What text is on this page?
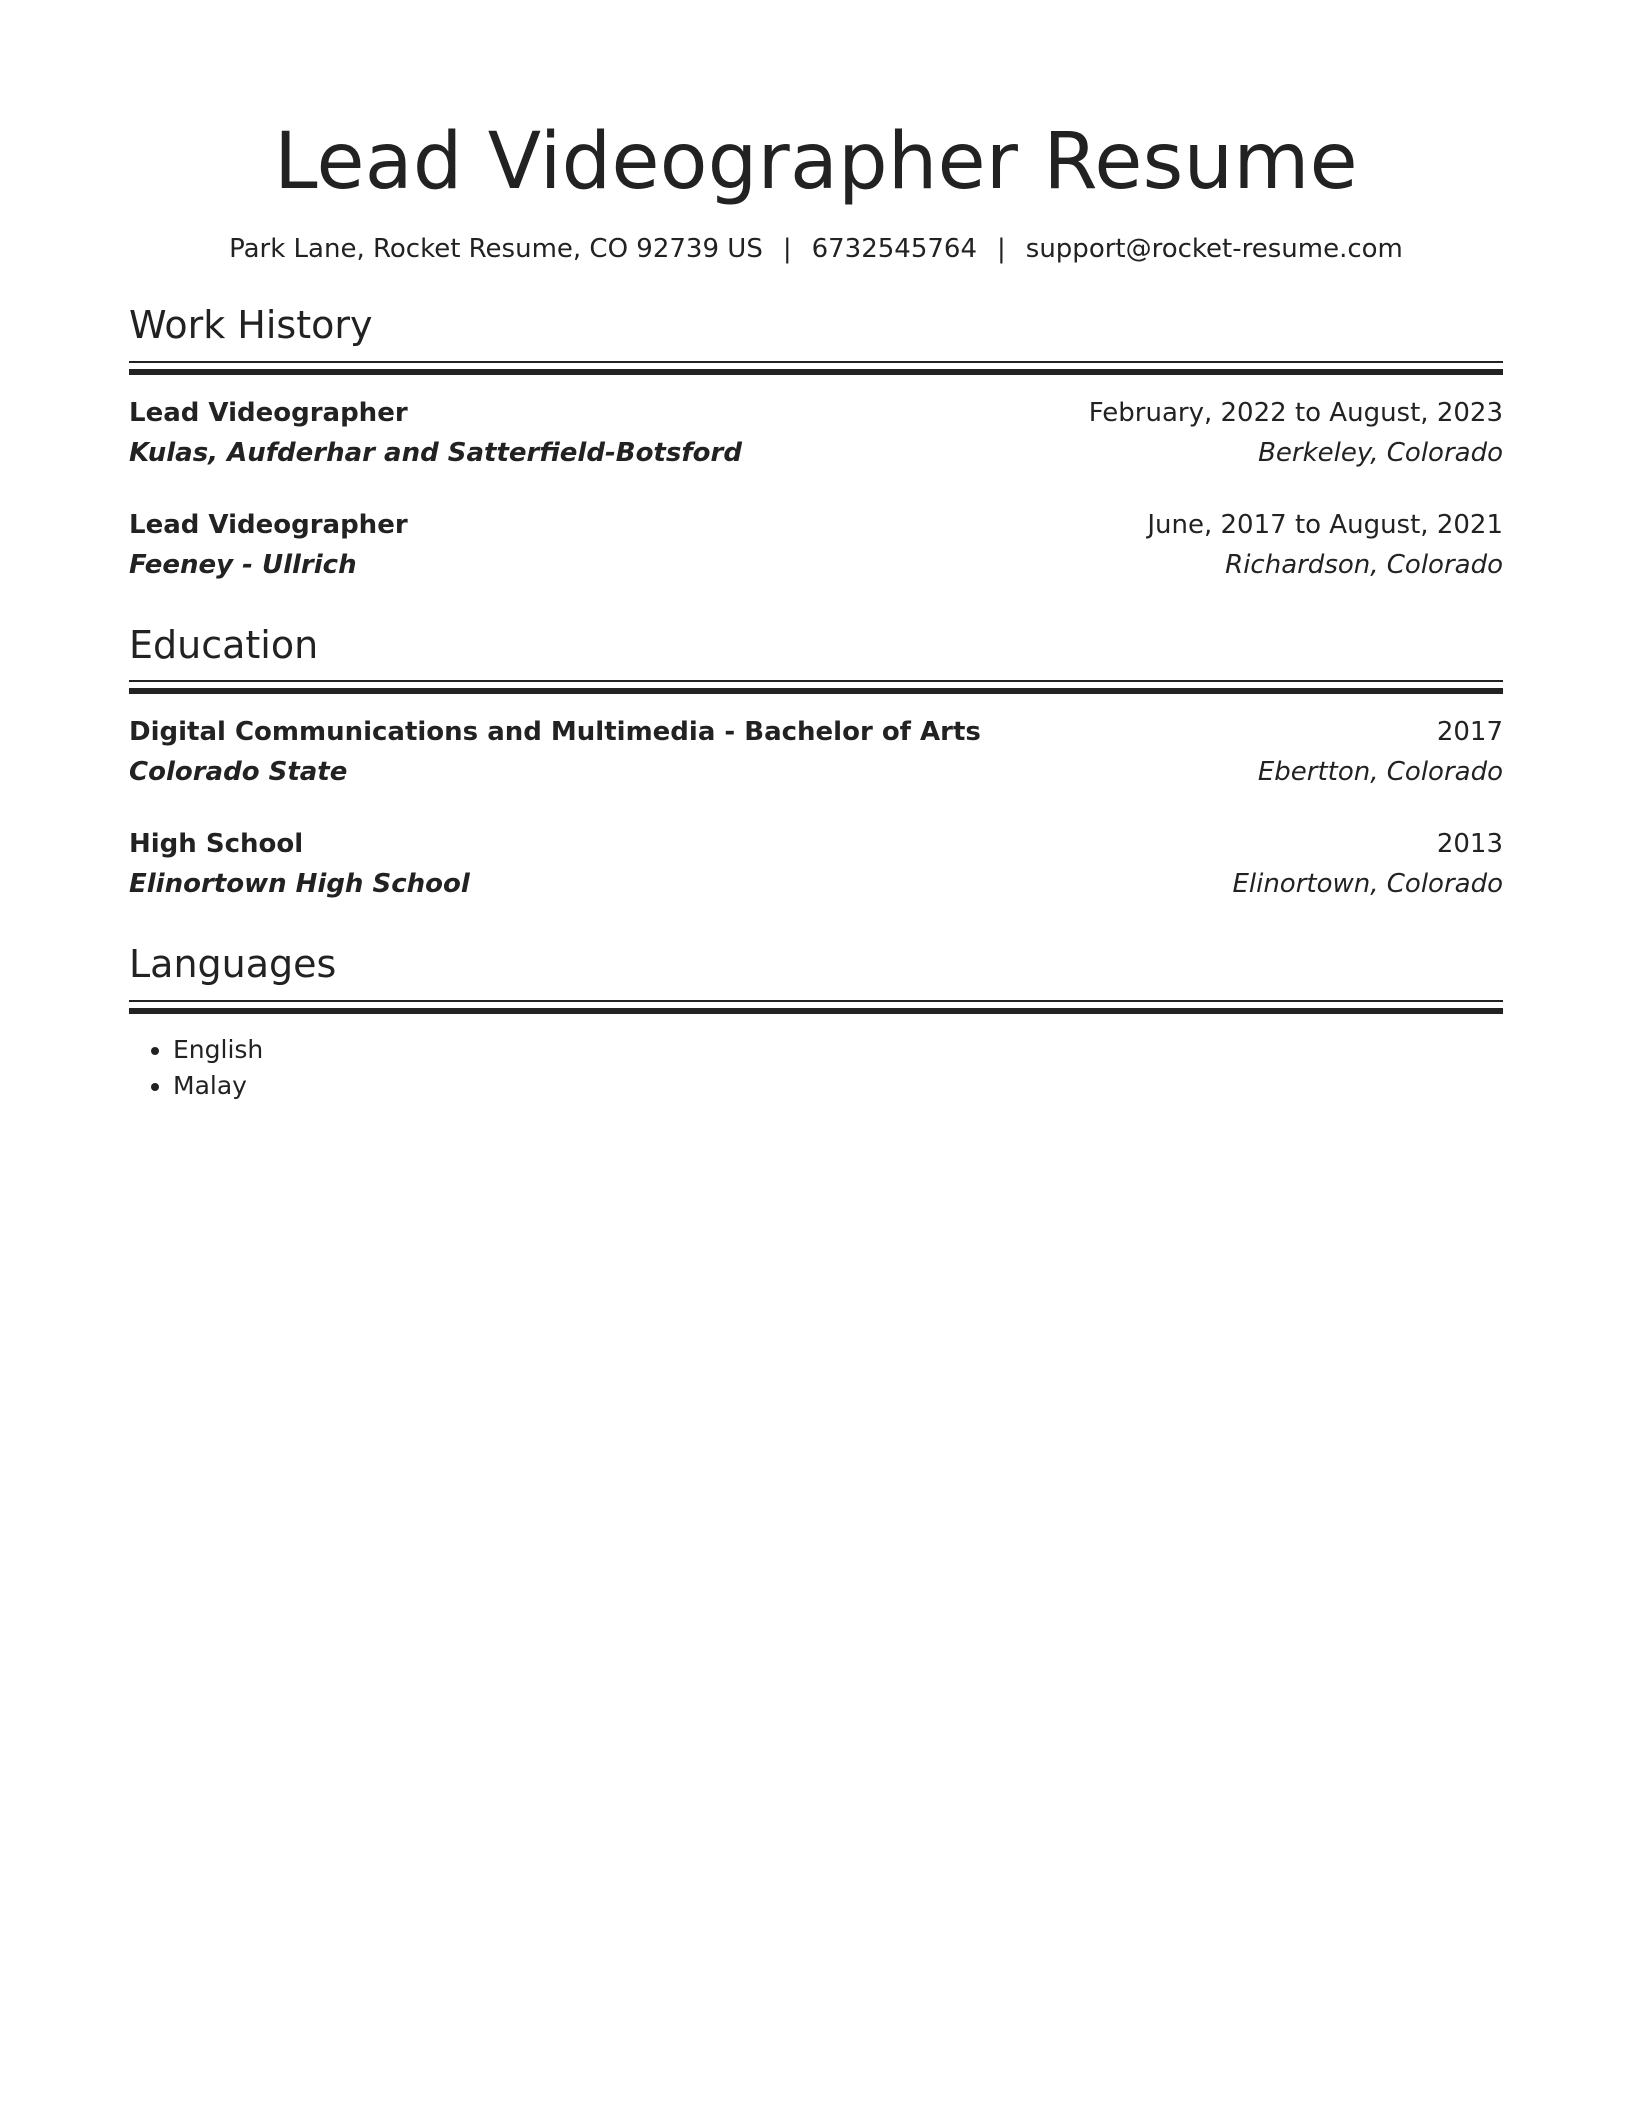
Lead Videographer Resume
Park Lane, Rocket Resume, CO 92739 US | 6732545764 | support@rocket-resume.com
Work History
Lead Videographer	February, 2022 to August, 2023
Kulas, Aufderhar and Satterfield-Botsford	Berkeley, Colorado
Lead Videographer	June, 2017 to August, 2021
Feeney - Ullrich	Richardson, Colorado
Education
Digital Communications and Multimedia - Bachelor of Arts	2017
Colorado State	Ebertton, Colorado
High School	2013
Elinortown High School	Elinortown, Colorado
Languages
• English
• Malay
